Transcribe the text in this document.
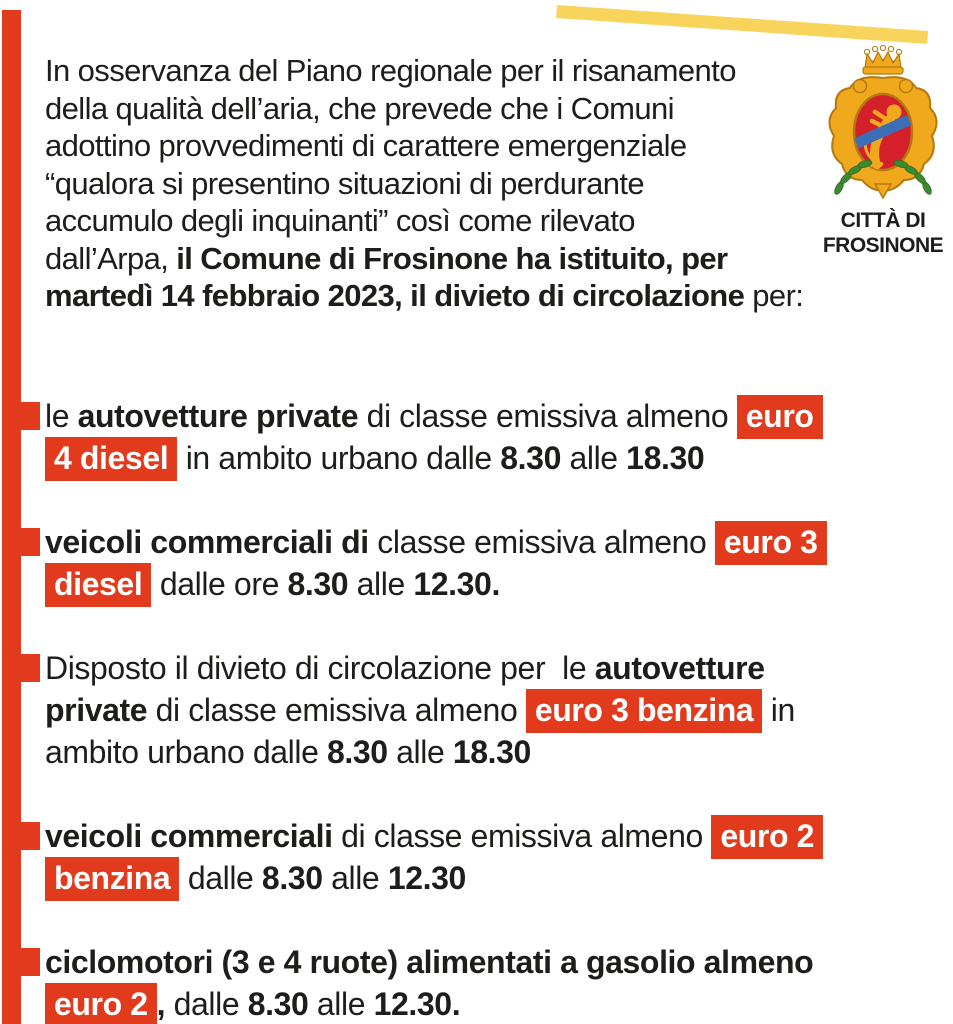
In osservanza del Piano regionale per il risanamento
della qualità dell’aria, che prevede che i Comuni
adottino provvedimenti di carattere emergenziale
“qualora si presentino situazioni di perdurante
accumulo degli inquinanti” così come rilevato
dall’Arpa, il Comune di Frosinone ha istituito, per
martedì 14 febbraio 2023, il divieto di circolazione per:
le autovetture private di classe emissiva almeno euro
4 diesel in ambito urbano dalle 8.30 alle 18.30
veicoli commerciali di classe emissiva almeno euro 3
diesel dalle ore 8.30 alle 12.30.
Disposto il divieto di circolazione per  le autovetture
private di classe emissiva almeno euro 3 benzina in
ambito urbano dalle 8.30 alle 18.30
veicoli commerciali di classe emissiva almeno euro 2
benzina dalle 8.30 alle 12.30
ciclomotori (3 e 4 ruote) alimentati a gasolio almeno
euro 2 , dalle 8.30 alle 12.30.
CITTÀ DI
FROSINONE
